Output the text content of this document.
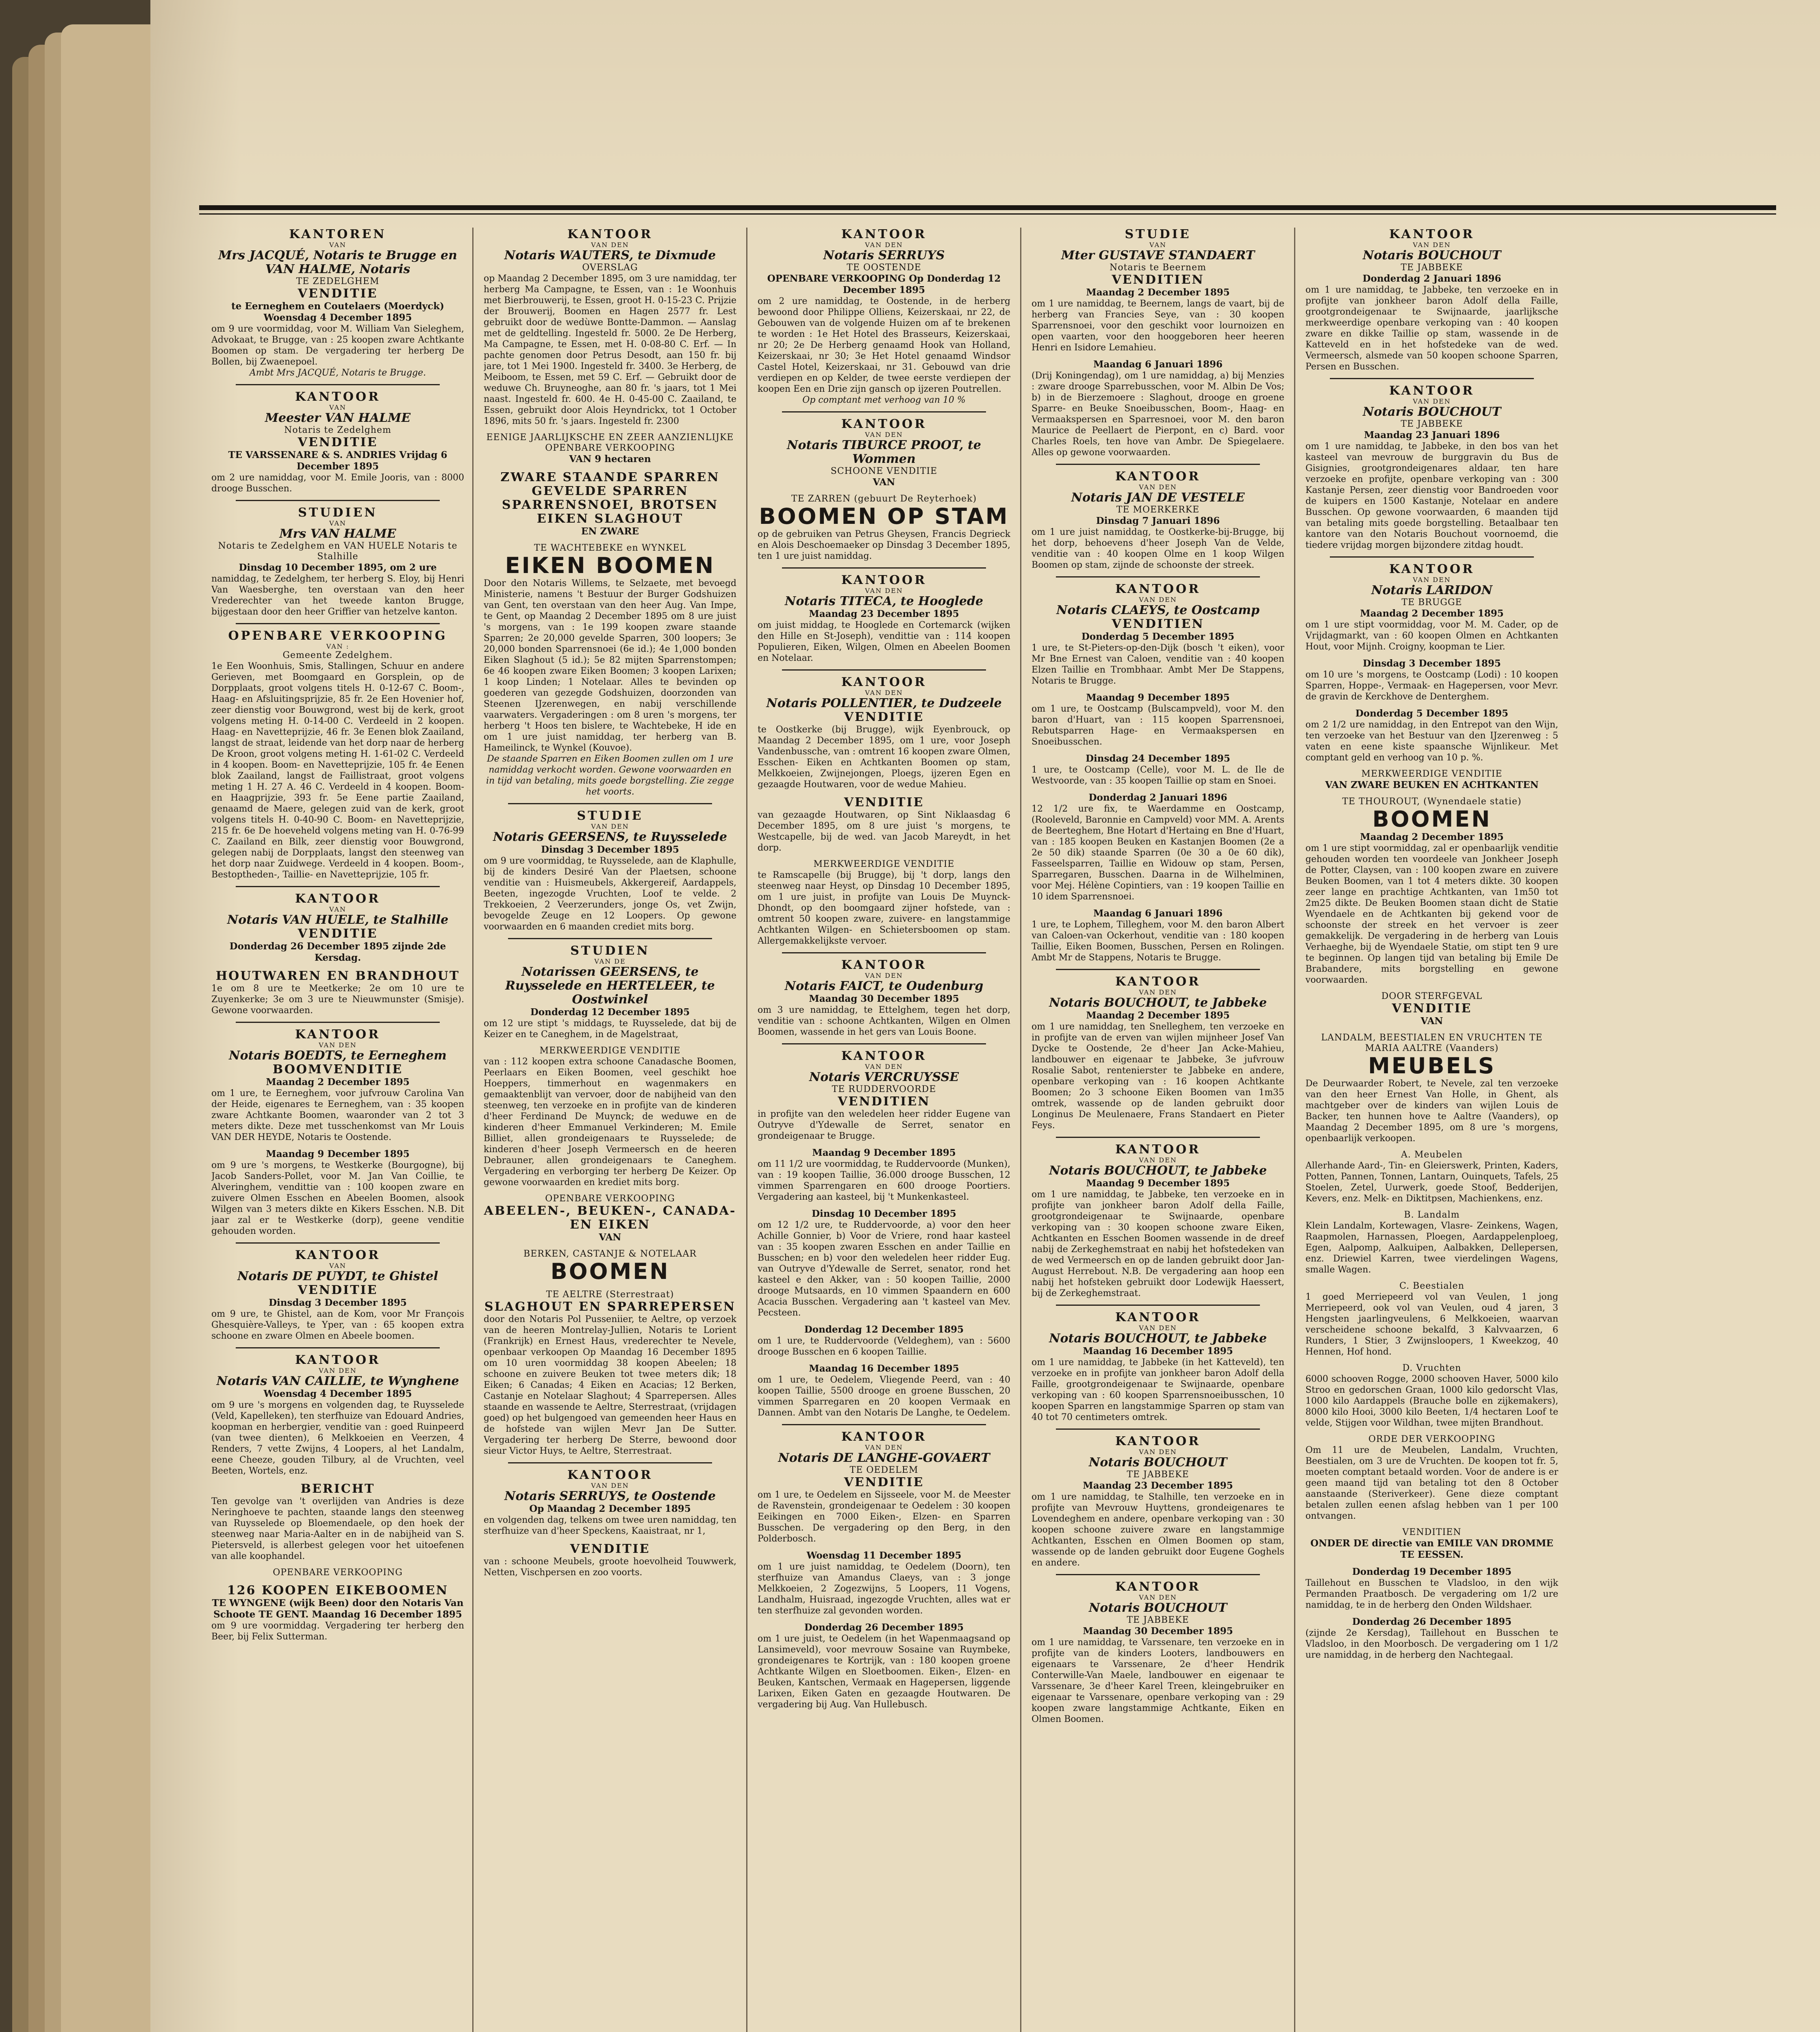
KANTOREN
VAN
Mrs JACQUÉ, Notaris te Brugge en VAN HALME, Notaris
TE ZEDELGHEM
VENDITIE
te Eerneghem en Coutelaers (Moerdyck) Woensdag 4 December 1895
om 9 ure voormiddag, voor M. William Van Sieleghem, Advokaat, te Brugge, van : 25 koopen zware Achtkante Boomen op stam. De vergadering ter herberg De Bollen, bij Zwaenepoel.
Ambt Mrs JACQUÉ, Notaris te Brugge.
KANTOOR
VAN
Meester VAN HALME
Notaris te Zedelghem
VENDITIE
TE VARSSENARE & S. ANDRIES Vrijdag 6 December 1895
om 2 ure namiddag, voor M. Emile Jooris, van : 8000 drooge Busschen.
STUDIEN
VAN
Mrs VAN HALME
Notaris te Zedelghem en VAN HUELE Notaris te Stalhille
Dinsdag 10 December 1895, om 2 ure
namiddag, te Zedelghem, ter herberg S. Eloy, bij Henri Van Waesberghe, ten overstaan van den heer Vrederechter van het tweede kanton Brugge, bijgestaan door den heer Griffier van hetzelve kanton.
OPENBARE VERKOOPING
VAN :
Gemeente Zedelghem.
1e Een Woonhuis, Smis, Stallingen, Schuur en andere Gerieven, met Boomgaard en Gorsplein, op de Dorpplaats, groot volgens titels H. 0-12-67 C. Boom-, Haag- en Afsluitingsprijzie, 85 fr. 2e Een Hovenier hof, zeer dienstig voor Bouwgrond, west bij de kerk, groot volgens meting H. 0-14-00 C. Verdeeld in 2 koopen. Haag- en Navetteprijzie, 46 fr. 3e Eenen blok Zaailand, langst de straat, leidende van het dorp naar de herberg De Kroon, groot volgens meting H. 1-61-02 C. Verdeeld in 4 koopen. Boom- en Navetteprijzie, 105 fr. 4e Eenen blok Zaailand, langst de Faillistraat, groot volgens meting 1 H. 27 A. 46 C. Verdeeld in 4 koopen. Boom- en Haagprijzie, 393 fr. 5e Eene partie Zaailand, genaamd de Maere, gelegen zuid van de kerk, groot volgens titels H. 0-40-90 C. Boom- en Navetteprijzie, 215 fr. 6e De hoeveheld volgens meting van H. 0-76-99 C. Zaailand en Bilk, zeer dienstig voor Bouwgrond, gelegen nabij de Dorpplaats, langst den steenweg van het dorp naar Zuidwege. Verdeeld in 4 koopen. Boom-, Bestoptheden-, Taillie- en Navetteprijzie, 105 fr.
KANTOOR
VAN
Notaris VAN HUELE, te Stalhille
VENDITIE
Donderdag 26 December 1895 zijnde 2de Kersdag.
HOUTWAREN EN BRANDHOUT
1e om 8 ure te Meetkerke; 2e om 10 ure te Zuyenkerke; 3e om 3 ure te Nieuwmunster (Smisje). Gewone voorwaarden.
KANTOOR
VAN DEN
Notaris BOEDTS, te Eerneghem
BOOMVENDITIE
Maandag 2 December 1895
om 1 ure, te Eerneghem, voor jufvrouw Carolina Van der Heide, eigenares te Eerneghem, van : 35 koopen zware Achtkante Boomen, waaronder van 2 tot 3 meters dikte. Deze met tusschenkomst van Mr Louis VAN DER HEYDE, Notaris te Oostende.
Maandag 9 December 1895
om 9 ure 's morgens, te Westkerke (Bourgogne), bij Jacob Sanders-Pollet, voor M. Jan Van Coillie, te Alveringhem, vendittie van : 100 koopen zware en zuivere Olmen Esschen en Abeelen Boomen, alsook Wilgen van 3 meters dikte en Kikers Esschen. N.B. Dit jaar zal er te Westkerke (dorp), geene venditie gehouden worden.
KANTOOR
VAN
Notaris DE PUYDT, te Ghistel
VENDITIE
Dinsdag 3 December 1895
om 9 ure, te Ghistel, aan de Kom, voor Mr François Ghesquière-Valleys, te Yper, van : 65 koopen extra schoone en zware Olmen en Abeele boomen.
KANTOOR
VAN DEN
Notaris VAN CAILLIE, te Wynghene
Woensdag 4 December 1895
om 9 ure 's morgens en volgenden dag, te Ruysselede (Veld, Kapelleken), ten sterfhuize van Edouard Andries, koopman en herbergier, venditie van : goed Ruinpeerd (van twee dienten), 6 Melkkoeien en Veerzen, 4 Renders, 7 vette Zwijns, 4 Loopers, al het Landalm, eene Cheeze, gouden Tilbury, al de Vruchten, veel Beeten, Wortels, enz.
BERICHT
Ten gevolge van 't overlijden van Andries is deze Neringhoeve te pachten, staande langs den steenweg van Ruysselede op Bloemendaele, op den hoek der steenweg naar Maria-Aalter en in de nabijheid van S. Pietersveld, is allerbest gelegen voor het uitoefenen van alle koophandel.
OPENBARE VERKOOPING
126 KOOPEN EIKEBOOMEN
TE WYNGENE (wijk Been) door den Notaris Van Schoote TE GENT. Maandag 16 December 1895
om 9 ure voormiddag. Vergadering ter herberg den Beer, bij Felix Sutterman.
KANTOOR
VAN DEN
Notaris WAUTERS, te Dixmude
OVERSLAG
op Maandag 2 December 1895, om 3 ure namiddag, ter herberg Ma Campagne, te Essen, van : 1e Woonhuis met Bierbrouwerij, te Essen, groot H. 0-15-23 C. Prijzie der Brouwerij, Boomen en Hagen 2577 fr. Lest gebruikt door de wedùwe Bontte-Dammon. — Aanslag met de geldtelling. Ingesteld fr. 5000. 2e De Herberg, Ma Campagne, te Essen, met H. 0-08-80 C. Erf. — In pachte genomen door Petrus Desodt, aan 150 fr. bij jare, tot 1 Mei 1900. Ingesteld fr. 3400. 3e Herberg, de Meiboom, te Essen, met 59 C. Erf. — Gebruikt door de weduwe Ch. Bruyneoghe, aan 80 fr. 's jaars, tot 1 Mei naast. Ingesteld fr. 600. 4e H. 0-45-00 C. Zaailand, te Essen, gebruikt door Alois Heyndrickx, tot 1 October 1896, mits 50 fr. 's jaars. Ingesteld fr. 2300
EENIGE JAARLIJKSCHE EN ZEER AANZIENLIJKE OPENBARE VERKOOPING
VAN 9 hectaren
ZWARE STAANDE SPARREN GEVELDE SPARREN SPARRENSNOEI, BROTSEN EIKEN SLAGHOUT
EN ZWARE
TE WACHTEBEKE en WYNKEL
EIKEN BOOMEN
Door den Notaris Willems, te Selzaete, met bevoegd Ministerie, namens 't Bestuur der Burger Godshuizen van Gent, ten overstaan van den heer Aug. Van Impe, te Gent, op Maandag 2 December 1895 om 8 ure juist 's morgens, van : 1e 199 koopen zware staande Sparren; 2e 20,000 gevelde Sparren, 300 loopers; 3e 20,000 bonden Sparrensnoei (6e id.); 4e 1,000 bonden Eiken Slaghout (5 id.); 5e 82 mijten Sparrenstompen; 6e 46 koopen zware Eiken Boomen; 3 koopen Larixen; 1 koop Linden; 1 Notelaar. Alles te bevinden op goederen van gezegde Godshuizen, doorzonden van Steenen IJzerenwegen, en nabij verschillende vaarwaters. Vergaderingen : om 8 uren 's morgens, ter herberg 't Hoos ten bislere, te Wachtebeke, H ide en om 1 ure juist namiddag, ter herberg van B. Hameilinck, te Wynkel (Kouvoe).
De staande Sparren en Eiken Boomen zullen om 1 ure namiddag verkocht worden. Gewone voorwaarden en in tijd van betaling, mits goede borgstelling. Zie zegge het voorts.
STUDIE
VAN DEN
Notaris GEERSENS, te Ruysselede
Dinsdag 3 December 1895
om 9 ure voormiddag, te Ruysselede, aan de Klaphulle, bij de kinders Desiré Van der Plaetsen, schoone venditie van : Huismeubels, Akkergereif, Aardappels, Beeten, ingezogde Vruchten, Loof te velde. 2 Trekkoeien, 2 Veerzerunders, jonge Os, vet Zwijn, bevogelde Zeuge en 12 Loopers. Op gewone voorwaarden en 6 maanden crediet mits borg.
STUDIEN
VAN DE
Notarissen GEERSENS, te Ruysselede en HERTELEER, te Oostwinkel
Donderdag 12 December 1895
om 12 ure stipt 's middags, te Ruysselede, dat bij de Keizer en te Caneghem, in de Magelstraat,
MERKWEERDIGE VENDITIE
van : 112 koopen extra schoone Canadasche Boomen, Peerlaars en Eiken Boomen, veel geschikt hoe Hoeppers, timmerhout en wagenmakers en gemaaktenblijt van vervoer, door de nabijheid van den steenweg, ten verzoeke en in profijte van de kinderen d'heer Ferdinand De Muynck; de weduwe en de kinderen d'heer Emmanuel Verkinderen; M. Emile Billiet, allen grondeigenaars te Ruysselede; de kinderen d'heer Joseph Vermeersch en de heeren Debrauner, allen grondeigenaars te Caneghem. Vergadering en verborging ter herberg De Keizer. Op gewone voorwaarden en krediet mits borg.
OPENBARE VERKOOPING
ABEELEN-, BEUKEN-, CANADA- EN EIKEN
VAN
BERKEN, CASTANJE & NOTELAAR
BOOMEN
TE AELTRE (Sterrestraat)
SLAGHOUT EN SPARREPERSEN
door den Notaris Pol Pusseniier, te Aeltre, op verzoek van de heeren Montrelay-Jullien, Notaris te Lorient (Frankrijk) en Ernest Haus, vrederechter te Nevele, openbaar verkoopen Op Maandag 16 December 1895 om 10 uren voormiddag 38 koopen Abeelen; 18 schoone en zuivere Beuken tot twee meters dik; 18 Eiken; 6 Canadas; 4 Eiken en Acacias; 12 Berken, Castanje en Notelaar Slaghout; 4 Sparrepersen. Alles staande en wassende te Aeltre, Sterrestraat, (vrijdagen goed) op het bulgengoed van gemeenden heer Haus en de hofstede van wijlen Mevr Jan De Sutter. Vergadering ter herberg De Sterre, bewoond door sieur Victor Huys, te Aeltre, Sterrestraat.
KANTOOR
VAN DEN
Notaris SERRUYS, te Oostende
Op Maandag 2 December 1895
en volgenden dag, telkens om twee uren namiddag, ten sterfhuize van d'heer Speckens, Kaaistraat, nr 1,
VENDITIE
van : schoone Meubels, groote hoevolheid Touwwerk, Netten, Vischpersen en zoo voorts.
KANTOOR
VAN DEN
Notaris SERRUYS
TE OOSTENDE
OPENBARE VERKOOPING Op Donderdag 12 December 1895
om 2 ure namiddag, te Oostende, in de herberg bewoond door Philippe Olliens, Keizerskaai, nr 22, de Gebouwen van de volgende Huizen om af te brekenen te worden : 1e Het Hotel des Brasseurs, Keizerskaai, nr 20; 2e De Herberg genaamd Hook van Holland, Keizerskaai, nr 30; 3e Het Hotel genaamd Windsor Castel Hotel, Keizerskaai, nr 31. Gebouwd van drie verdiepen en op Kelder, de twee eerste verdiepen der koopen Een en Drie zijn gansch op ijzeren Poutrellen.
Op comptant met verhoog van 10 %
KANTOOR
VAN DEN
Notaris TIBURCE PROOT, te Wommen
SCHOONE VENDITIE
VAN
TE ZARREN (gebuurt De Reyterhoek)
BOOMEN OP STAM
op de gebruiken van Petrus Gheysen, Francis Degrieck en Alois Deschoemaeker op Dinsdag 3 December 1895, ten 1 ure juist namiddag.
KANTOOR
VAN DEN
Notaris TITECA, te Hooglede
Maandag 23 December 1895
om juist middag, te Hooglede en Cortemarck (wijken den Hille en St-Joseph), vendittie van : 114 koopen Populieren, Eiken, Wilgen, Olmen en Abeelen Boomen en Notelaar.
KANTOOR
VAN DEN
Notaris POLLENTIER, te Dudzeele
VENDITIE
te Oostkerke (bij Brugge), wijk Eyenbrouck, op Maandag 2 December 1895, om 1 ure, voor Joseph Vandenbussche, van : omtrent 16 koopen zware Olmen, Esschen- Eiken en Achtkanten Boomen op stam, Melkkoeien, Zwijnejongen, Ploegs, ijzeren Egen en gezaagde Houtwaren, voor de wedue Mahieu.
VENDITIE
van gezaagde Houtwaren, op Sint Niklaasdag 6 December 1895, om 8 ure juist 's morgens, te Westcapelle, bij de wed. van Jacob Mareydt, in het dorp.
MERKWEERDIGE VENDITIE
te Ramscapelle (bij Brugge), bij 't dorp, langs den steenweg naar Heyst, op Dinsdag 10 December 1895, om 1 ure juist, in profijte van Louis De Muynck-Dhondt, op den boomgaard zijner hofstede, van : omtrent 50 koopen zware, zuivere- en langstammige Achtkanten Wilgen- en Schietersboomen op stam. Allergemakkelijkste vervoer.
KANTOOR
VAN DEN
Notaris FAICT, te Oudenburg
Maandag 30 December 1895
om 3 ure namiddag, te Ettelghem, tegen het dorp, venditie van : schoone Achtkanten, Wilgen en Olmen Boomen, wassende in het gers van Louis Boone.
KANTOOR
VAN DEN
Notaris VERCRUYSSE
TE RUDDERVOORDE
VENDITIEN
in profijte van den weledelen heer ridder Eugene van Outryve d'Ydewalle de Serret, senator en grondeigenaar te Brugge.
Maandag 9 December 1895
om 11 1/2 ure voormiddag, te Ruddervoorde (Munken), van : 19 koopen Taillie, 36.000 drooge Busschen, 12 vimmen Sparrengaren en 600 drooge Poortiers. Vergadering aan kasteel, bij 't Munkenkasteel.
Dinsdag 10 December 1895
om 12 1/2 ure, te Ruddervoorde, a) voor den heer Achille Gonnier, b) Voor de Vriere, rond haar kasteel van : 35 koopen zwaren Esschen en ander Taillie en Busschen; en b) voor den weledelen heer ridder Eug. van Outryve d'Ydewalle de Serret, senator, rond het kasteel e den Akker, van : 50 koopen Taillie, 2000 drooge Mutsaards, en 10 vimmen Spaandern en 600 Acacia Busschen. Vergadering aan 't kasteel van Mev. Pecsteen.
Donderdag 12 December 1895
om 1 ure, te Ruddervoorde (Veldeghem), van : 5600 drooge Busschen en 6 koopen Taillie.
Maandag 16 December 1895
om 1 ure, te Oedelem, Vliegende Peerd, van : 40 koopen Taillie, 5500 drooge en groene Busschen, 20 vimmen Sparregaren en 20 koopen Vermaak en Dannen. Ambt van den Notaris De Langhe, te Oedelem.
KANTOOR
VAN DEN
Notaris DE LANGHE-GOVAERT
TE OEDELEM
VENDITIE
om 1 ure, te Oedelem en Sijsseele, voor M. de Meester de Ravenstein, grondeigenaar te Oedelem : 30 koopen Eeikingen en 7000 Eiken-, Elzen- en Sparren Busschen. De vergadering op den Berg, in den Polderbosch.
Woensdag 11 December 1895
om 1 ure juist namiddag, te Oedelem (Doorn), ten sterfhuize van Amandus Claeys, van : 3 jonge Melkkoeien, 2 Zogezwijns, 5 Loopers, 11 Vogens, Landhalm, Huisraad, ingezogde Vruchten, alles wat er ten sterfhuize zal gevonden worden.
Donderdag 26 December 1895
om 1 ure juist, te Oedelem (in het Wapenmaagsand op Lansimeveld), voor mevrouw Sosaine van Ruymbeke, grondeigenares te Kortrijk, van : 180 koopen groene Achtkante Wilgen en Sloetboomen. Eiken-, Elzen- en Beuken, Kantschen, Vermaak en Hagepersen, liggende Larixen, Eiken Gaten en gezaagde Houtwaren. De vergadering bij Aug. Van Hullebusch.
STUDIE
VAN
Mter GUSTAVE STANDAERT
Notaris te Beernem
VENDITIEN
Maandag 2 December 1895
om 1 ure namiddag, te Beernem, langs de vaart, bij de herberg van Francies Seye, van : 30 koopen Sparrensnoei, voor den geschikt voor lournoizen en open vaarten, voor den hooggeboren heer heeren Henri en Isidore Lemahieu.
Maandag 6 Januari 1896
(Drij Koningendag), om 1 ure namiddag, a) bij Menzies : zware drooge Sparrebusschen, voor M. Albin De Vos; b) in de Bierzemoere : Slaghout, drooge en groene Sparre- en Beuke Snoeibusschen, Boom-, Haag- en Vermaakspersen en Sparresnoei, voor M. den baron Maurice de Peellaert de Pierpont, en c) Bard. voor Charles Roels, ten hove van Ambr. De Spiegelaere. Alles op gewone voorwaarden.
KANTOOR
VAN DEN
Notaris JAN DE VESTELE
TE MOERKERKE
Dinsdag 7 Januari 1896
om 1 ure juist namiddag, te Oostkerke-bij-Brugge, bij het dorp, behoevens d'heer Joseph Van de Velde, venditie van : 40 koopen Olme en 1 koop Wilgen Boomen op stam, zijnde de schoonste der streek.
KANTOOR
VAN DEN
Notaris CLAEYS, te Oostcamp
VENDITIEN
Donderdag 5 December 1895
1 ure, te St-Pieters-op-den-Dijk (bosch 't eiken), voor Mr Bne Ernest van Caloen, venditie van : 40 koopen Elzen Taillie en Trombhaar. Ambt Mer De Stappens, Notaris te Brugge.
Maandag 9 December 1895
om 1 ure, te Oostcamp (Bulscampveld), voor M. den baron d'Huart, van : 115 koopen Sparrensnoei, Rebutsparren Hage- en Vermaakspersen en Snoeibusschen.
Dinsdag 24 December 1895
1 ure, te Oostcamp (Celle), voor M. L. de Ile de Westvoorde, van : 35 koopen Taillie op stam en Snoei.
Donderdag 2 Januari 1896
12 1/2 ure fix, te Waerdamme en Oostcamp, (Rooleveld, Baronnie en Campveld) voor MM. A. Arents de Beerteghem, Bne Hotart d'Hertaing en Bne d'Huart, van : 185 koopen Beuken en Kastanjen Boomen (2e a 2e 50 dik) staande Sparren (0e 30 a 0e 60 dik), Fasseelsparren, Taillie en Widouw op stam, Persen, Sparregaren, Busschen. Daarna in de Wilhelminen, voor Mej. Hélène Copintiers, van : 19 koopen Taillie en 10 idem Sparrensnoei.
Maandag 6 Januari 1896
1 ure, te Lophem, Tilleghem, voor M. den baron Albert van Caloen-van Ockerhout, venditie van : 180 koopen Taillie, Eiken Boomen, Busschen, Persen en Rolingen. Ambt Mr de Stappens, Notaris te Brugge.
KANTOOR
VAN DEN
Notaris BOUCHOUT, te Jabbeke
Maandag 2 December 1895
om 1 ure namiddag, ten Snelleghem, ten verzoeke en in profijte van de erven van wijlen mijnheer Josef Van Dycke te Oostende, 2e d'heer Jan Acke-Mahieu, landbouwer en eigenaar te Jabbeke, 3e jufvrouw Rosalie Sabot, rentenierster te Jabbeke en andere, openbare verkoping van : 16 koopen Achtkante Boomen; 2o 3 schoone Eiken Boomen van 1m35 omtrek, wassende op de landen gebruikt door Longinus De Meulenaere, Frans Standaert en Pieter Feys.
KANTOOR
VAN DEN
Notaris BOUCHOUT, te Jabbeke
Maandag 9 December 1895
om 1 ure namiddag, te Jabbeke, ten verzoeke en in profijte van jonkheer baron Adolf della Faille, grootgrondeigenaar te Swijnaarde, openbare verkoping van : 30 koopen schoone zware Eiken, Achtkanten en Esschen Boomen wassende in de dreef nabij de Zerkeghemstraat en nabij het hofstedeken van de wed Vermeersch en op de landen gebruikt door Jan-August Herrebout. N.B. De vergadering aan hoop een nabij het hofsteken gebruikt door Lodewijk Haessert, bij de Zerkeghemstraat.
KANTOOR
VAN DEN
Notaris BOUCHOUT, te Jabbeke
Maandag 16 December 1895
om 1 ure namiddag, te Jabbeke (in het Katteveld), ten verzoeke en in profijte van jonkheer baron Adolf della Faille, grootgrondeigenaar te Swijnaarde, openbare verkoping van : 60 koopen Sparrensnoeibusschen, 10 koopen Sparren en langstammige Sparren op stam van 40 tot 70 centimeters omtrek.
KANTOOR
VAN DEN
Notaris BOUCHOUT
TE JABBEKE
Maandag 23 December 1895
om 1 ure namiddag, te Stalhille, ten verzoeke en in profijte van Mevrouw Huyttens, grondeigenares te Lovendeghem en andere, openbare verkoping van : 30 koopen schoone zuivere zware en langstammige Achtkanten, Esschen en Olmen Boomen op stam, wassende op de landen gebruikt door Eugene Goghels en andere.
KANTOOR
VAN DEN
Notaris BOUCHOUT
TE JABBEKE
Maandag 30 December 1895
om 1 ure namiddag, te Varssenare, ten verzoeke en in profijte van de kinders Looters, landbouwers en eigenaars te Varssenare, 2e d'heer Hendrik Conterwille-Van Maele, landbouwer en eigenaar te Varssenare, 3e d'heer Karel Treen, kleingebruiker en eigenaar te Varssenare, openbare verkoping van : 29 koopen zware langstammige Achtkante, Eiken en Olmen Boomen.
KANTOOR
VAN DEN
Notaris BOUCHOUT
TE JABBEKE
Donderdag 2 Januari 1896
om 1 ure namiddag, te Jabbeke, ten verzoeke en in profijte van jonkheer baron Adolf della Faille, grootgrondeigenaar te Swijnaarde, jaarlijksche merkweerdige openbare verkoping van : 40 koopen zware en dikke Taillie op stam, wassende in de Katteveld en in het hofstedeke van de wed. Vermeersch, alsmede van 50 koopen schoone Sparren, Persen en Busschen.
KANTOOR
VAN DEN
Notaris BOUCHOUT
TE JABBEKE
Maandag 23 Januari 1896
om 1 ure namiddag, te Jabbeke, in den bos van het kasteel van mevrouw de burggravin du Bus de Gisignies, grootgrondeigenares aldaar, ten hare verzoeke en profijte, openbare verkoping van : 300 Kastanje Persen, zeer dienstig voor Bandroeden voor de kuipers en 1500 Kastanje, Notelaar en andere Busschen. Op gewone voorwaarden, 6 maanden tijd van betaling mits goede borgstelling. Betaalbaar ten kantore van den Notaris Bouchout voornoemd, die tiedere vrijdag morgen bijzondere zitdag houdt.
KANTOOR
VAN DEN
Notaris LARIDON
TE BRUGGE
Maandag 2 December 1895
om 1 ure stipt voormiddag, voor M. M. Cader, op de Vrijdagmarkt, van : 60 koopen Olmen en Achtkanten Hout, voor Mijnh. Croigny, koopman te Lier.
Dinsdag 3 December 1895
om 10 ure 's morgens, te Oostcamp (Lodi) : 10 koopen Sparren, Hoppe-, Vermaak- en Hagepersen, voor Mevr. de gravin de Kerckhove de Denterghem.
Donderdag 5 December 1895
om 2 1/2 ure namiddag, in den Entrepot van den Wijn, ten verzoeke van het Bestuur van den IJzerenweg : 5 vaten en eene kiste spaansche Wijnlikeur. Met comptant geld en verhoog van 10 p. %.
MERKWEERDIGE VENDITIE
VAN ZWARE BEUKEN EN ACHTKANTEN
TE THOUROUT, (Wynendaele statie)
BOOMEN
Maandag 2 December 1895
om 1 ure stipt voormiddag, zal er openbaarlijk venditie gehouden worden ten voordeele van Jonkheer Joseph de Potter, Claysen, van : 100 koopen zware en zuivere Beuken Boomen, van 1 tot 4 meters dikte. 30 koopen zeer lange en prachtige Achtkanten, van 1m50 tot 2m25 dikte. De Beuken Boomen staan dicht de Statie Wyendaele en de Achtkanten bij gekend voor de schoonste der streek en het vervoer is zeer gemakkelijk. De vergadering in de herberg van Louis Verhaeghe, bij de Wyendaele Statie, om stipt ten 9 ure te beginnen. Op langen tijd van betaling bij Emile De Brabandere, mits borgstelling en gewone voorwaarden.
DOOR STERFGEVAL
VENDITIE
VAN
LANDALM, BEESTIALEN EN VRUCHTEN TE MARIA AALTRE (Vaanders)
MEUBELS
De Deurwaarder Robert, te Nevele, zal ten verzoeke van den heer Ernest Van Holle, in Ghent, als machtgeber over de kinders van wijlen Louis de Backer, ten hunnen hove te Aaltre (Vaanders), op Maandag 2 December 1895, om 8 ure 's morgens, openbaarlijk verkoopen.
A. Meubelen
Allerhande Aard-, Tin- en Gleierswerk, Printen, Kaders, Potten, Pannen, Tonnen, Lantarn, Ouinquets, Tafels, 25 Stoelen, Zetel, Uurwerk, goede Stoof, Bedderijen, Kevers, enz. Melk- en Diktitpsen, Machienkens, enz.
B. Landalm
Klein Landalm, Kortewagen, Vlasre- Zeinkens, Wagen, Raapmolen, Harnassen, Ploegen, Aardappelenploeg, Egen, Aalpomp, Aalkuipen, Aalbakken, Dellepersen, enz. Driewiel Karren, twee vierdelingen Wagens, smalle Wagen.
C. Beestialen
1 goed Merriepeerd vol van Veulen, 1 jong Merriepeerd, ook vol van Veulen, oud 4 jaren, 3 Hengsten jaarlingveulens, 6 Melkkoeien, waarvan verscheidene schoone bekalfd, 3 Kalvvaarzen, 6 Runders, 1 Stier, 3 Zwijnsloopers, 1 Kweekzog, 40 Hennen, Hof hond.
D. Vruchten
6000 schooven Rogge, 2000 schooven Haver, 5000 kilo Stroo en gedorschen Graan, 1000 kilo gedorscht Vlas, 1000 kilo Aardappels (Brauche bolle en zijkemakers), 8000 kilo Hooi, 3000 kilo Beeten, 1/4 hectaren Loof te velde, Stijgen voor Wildhan, twee mijten Brandhout.
ORDE DER VERKOOPING
Om 11 ure de Meubelen, Landalm, Vruchten, Beestialen, om 3 ure de Vruchten. De koopen tot fr. 5, moeten comptant betaald worden. Voor de andere is er geen maand tijd van betaling tot den 8 October aanstaande (Steriverkeer). Gene dieze comptant betalen zullen eenen afslag hebben van 1 per 100 ontvangen.
VENDITIEN
ONDER DE directie van EMILE VAN DROMME TE EESSEN.
Donderdag 19 December 1895
Taillehout en Busschen te Vladsloo, in den wijk Permanden Praatbosch. De vergadering om 1/2 ure namiddag, te in de herberg den Onden Wildshaer.
Donderdag 26 December 1895
(zijnde 2e Kersdag), Taillehout en Busschen te Vladsloo, in den Moorbosch. De vergadering om 1 1/2 ure namiddag, in de herberg den Nachtegaal.
